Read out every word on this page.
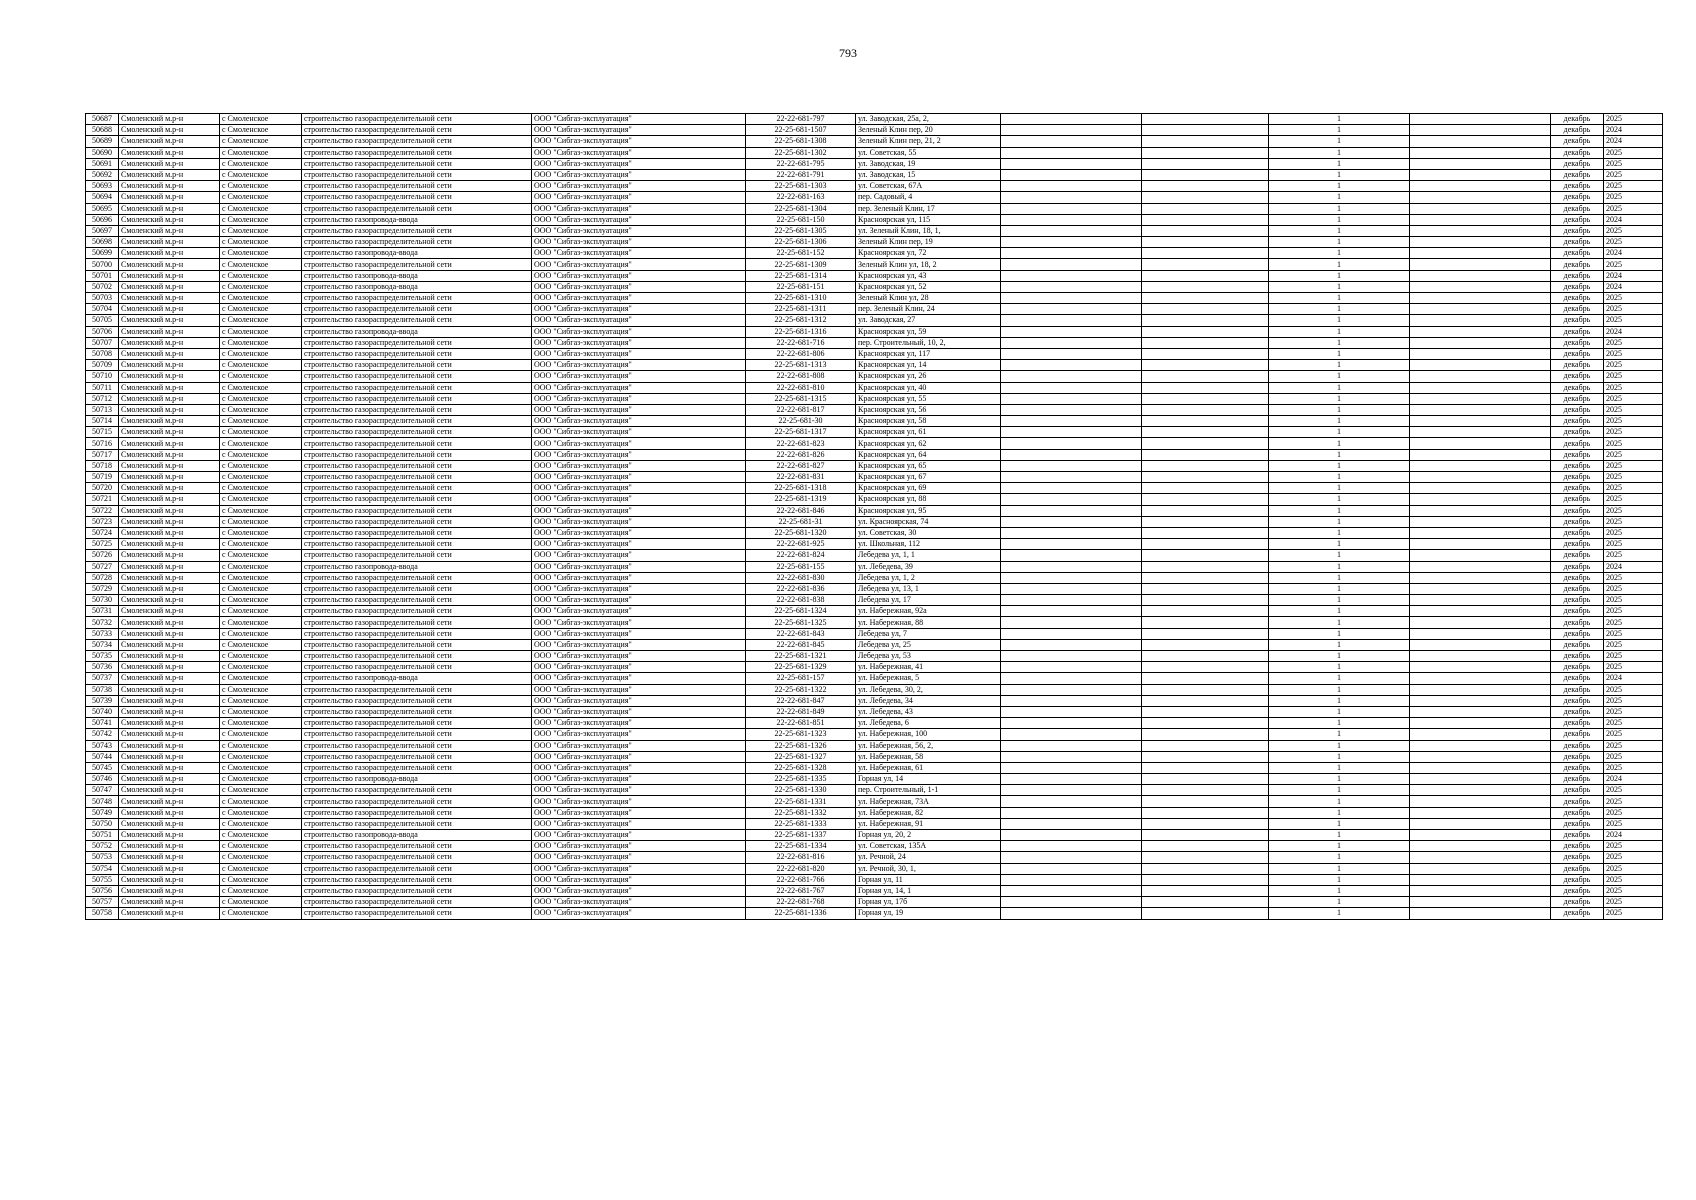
793
50687	Смоленский м.р-н	с Смоленское	строительство газораспределительной сети	ООО "Сибгаз-эксплуатация"	22-22-681-797	ул. Заводская, 25а, 2,			1		декабрь	2025
50688	Смоленский м.р-н	с Смоленское	строительство газораспределительной сети	ООО "Сибгаз-эксплуатация"	22-25-681-1507	Зеленый Клин пер, 20			1		декабрь	2024
50689	Смоленский м.р-н	с Смоленское	строительство газораспределительной сети	ООО "Сибгаз-эксплуатация"	22-25-681-1308	Зеленый Клин пер, 21, 2			1		декабрь	2024
50690	Смоленский м.р-н	с Смоленское	строительство газораспределительной сети	ООО "Сибгаз-эксплуатация"	22-25-681-1302	ул. Советская, 55			1		декабрь	2025
50691	Смоленский м.р-н	с Смоленское	строительство газораспределительной сети	ООО "Сибгаз-эксплуатация"	22-22-681-795	ул. Заводская, 19			1		декабрь	2025
50692	Смоленский м.р-н	с Смоленское	строительство газораспределительной сети	ООО "Сибгаз-эксплуатация"	22-22-681-791	ул. Заводская, 15			1		декабрь	2025
50693	Смоленский м.р-н	с Смоленское	строительство газораспределительной сети	ООО "Сибгаз-эксплуатация"	22-25-681-1303	ул. Советская, 67А			1		декабрь	2025
50694	Смоленский м.р-н	с Смоленское	строительство газораспределительной сети	ООО "Сибгаз-эксплуатация"	22-22-681-163	пер. Садовый, 4			1		декабрь	2025
50695	Смоленский м.р-н	с Смоленское	строительство газораспределительной сети	ООО "Сибгаз-эксплуатация"	22-25-681-1304	пер. Зеленый Клин, 17			1		декабрь	2025
50696	Смоленский м.р-н	с Смоленское	строительство газопровода-ввода	ООО "Сибгаз-эксплуатация"	22-25-681-150	Красноярская ул, 115			1		декабрь	2024
50697	Смоленский м.р-н	с Смоленское	строительство газораспределительной сети	ООО "Сибгаз-эксплуатация"	22-25-681-1305	ул. Зеленый Клин, 18, 1,			1		декабрь	2025
50698	Смоленский м.р-н	с Смоленское	строительство газораспределительной сети	ООО "Сибгаз-эксплуатация"	22-25-681-1306	Зеленый Клин пер, 19			1		декабрь	2025
50699	Смоленский м.р-н	с Смоленское	строительство газопровода-ввода	ООО "Сибгаз-эксплуатация"	22-25-681-152	Красноярская ул, 72			1		декабрь	2024
50700	Смоленский м.р-н	с Смоленское	строительство газораспределительной сети	ООО "Сибгаз-эксплуатация"	22-25-681-1309	Зеленый Клин ул, 18, 2			1		декабрь	2025
50701	Смоленский м.р-н	с Смоленское	строительство газопровода-ввода	ООО "Сибгаз-эксплуатация"	22-25-681-1314	Красноярская ул, 43			1		декабрь	2024
50702	Смоленский м.р-н	с Смоленское	строительство газопровода-ввода	ООО "Сибгаз-эксплуатация"	22-25-681-151	Красноярская ул, 52			1		декабрь	2024
50703	Смоленский м.р-н	с Смоленское	строительство газораспределительной сети	ООО "Сибгаз-эксплуатация"	22-25-681-1310	Зеленый Клин ул, 28			1		декабрь	2025
50704	Смоленский м.р-н	с Смоленское	строительство газораспределительной сети	ООО "Сибгаз-эксплуатация"	22-25-681-1311	пер. Зеленый Клин, 24			1		декабрь	2025
50705	Смоленский м.р-н	с Смоленское	строительство газораспределительной сети	ООО "Сибгаз-эксплуатация"	22-25-681-1312	ул. Заводская, 27			1		декабрь	2025
50706	Смоленский м.р-н	с Смоленское	строительство газопровода-ввода	ООО "Сибгаз-эксплуатация"	22-25-681-1316	Красноярская ул, 59			1		декабрь	2024
50707	Смоленский м.р-н	с Смоленское	строительство газораспределительной сети	ООО "Сибгаз-эксплуатация"	22-22-681-716	пер. Строительный, 10, 2,			1		декабрь	2025
50708	Смоленский м.р-н	с Смоленское	строительство газораспределительной сети	ООО "Сибгаз-эксплуатация"	22-22-681-806	Красноярская ул, 117			1		декабрь	2025
50709	Смоленский м.р-н	с Смоленское	строительство газораспределительной сети	ООО "Сибгаз-эксплуатация"	22-25-681-1313	Красноярская ул, 14			1		декабрь	2025
50710	Смоленский м.р-н	с Смоленское	строительство газораспределительной сети	ООО "Сибгаз-эксплуатация"	22-22-681-808	Красноярская ул, 26			1		декабрь	2025
50711	Смоленский м.р-н	с Смоленское	строительство газораспределительной сети	ООО "Сибгаз-эксплуатация"	22-22-681-810	Красноярская ул, 40			1		декабрь	2025
50712	Смоленский м.р-н	с Смоленское	строительство газораспределительной сети	ООО "Сибгаз-эксплуатация"	22-25-681-1315	Красноярская ул, 55			1		декабрь	2025
50713	Смоленский м.р-н	с Смоленское	строительство газораспределительной сети	ООО "Сибгаз-эксплуатация"	22-22-681-817	Красноярская ул, 56			1		декабрь	2025
50714	Смоленский м.р-н	с Смоленское	строительство газораспределительной сети	ООО "Сибгаз-эксплуатация"	22-25-681-30	Красноярская ул, 58			1		декабрь	2025
50715	Смоленский м.р-н	с Смоленское	строительство газораспределительной сети	ООО "Сибгаз-эксплуатация"	22-25-681-1317	Красноярская ул, 61			1		декабрь	2025
50716	Смоленский м.р-н	с Смоленское	строительство газораспределительной сети	ООО "Сибгаз-эксплуатация"	22-22-681-823	Красноярская ул, 62			1		декабрь	2025
50717	Смоленский м.р-н	с Смоленское	строительство газораспределительной сети	ООО "Сибгаз-эксплуатация"	22-22-681-826	Красноярская ул, 64			1		декабрь	2025
50718	Смоленский м.р-н	с Смоленское	строительство газораспределительной сети	ООО "Сибгаз-эксплуатация"	22-22-681-827	Красноярская ул, 65			1		декабрь	2025
50719	Смоленский м.р-н	с Смоленское	строительство газораспределительной сети	ООО "Сибгаз-эксплуатация"	22-22-681-831	Красноярская ул, 67			1		декабрь	2025
50720	Смоленский м.р-н	с Смоленское	строительство газораспределительной сети	ООО "Сибгаз-эксплуатация"	22-25-681-1318	Красноярская ул, 69			1		декабрь	2025
50721	Смоленский м.р-н	с Смоленское	строительство газораспределительной сети	ООО "Сибгаз-эксплуатация"	22-25-681-1319	Красноярская ул, 88			1		декабрь	2025
50722	Смоленский м.р-н	с Смоленское	строительство газораспределительной сети	ООО "Сибгаз-эксплуатация"	22-22-681-846	Красноярская ул, 95			1		декабрь	2025
50723	Смоленский м.р-н	с Смоленское	строительство газораспределительной сети	ООО "Сибгаз-эксплуатация"	22-25-681-31	ул. Красноярская, 74			1		декабрь	2025
50724	Смоленский м.р-н	с Смоленское	строительство газораспределительной сети	ООО "Сибгаз-эксплуатация"	22-25-681-1320	ул. Советская, 30			1		декабрь	2025
50725	Смоленский м.р-н	с Смоленское	строительство газораспределительной сети	ООО "Сибгаз-эксплуатация"	22-22-681-925	ул. Школьная, 112			1		декабрь	2025
50726	Смоленский м.р-н	с Смоленское	строительство газораспределительной сети	ООО "Сибгаз-эксплуатация"	22-22-681-824	Лебедева ул, 1, 1			1		декабрь	2025
50727	Смоленский м.р-н	с Смоленское	строительство газопровода-ввода	ООО "Сибгаз-эксплуатация"	22-25-681-155	ул. Лебедева, 39			1		декабрь	2024
50728	Смоленский м.р-н	с Смоленское	строительство газораспределительной сети	ООО "Сибгаз-эксплуатация"	22-22-681-830	Лебедева ул, 1, 2			1		декабрь	2025
50729	Смоленский м.р-н	с Смоленское	строительство газораспределительной сети	ООО "Сибгаз-эксплуатация"	22-22-681-836	Лебедева ул, 13, 1			1		декабрь	2025
50730	Смоленский м.р-н	с Смоленское	строительство газораспределительной сети	ООО "Сибгаз-эксплуатация"	22-22-681-838	Лебедева ул, 17			1		декабрь	2025
50731	Смоленский м.р-н	с Смоленское	строительство газораспределительной сети	ООО "Сибгаз-эксплуатация"	22-25-681-1324	ул. Набережная, 92а			1		декабрь	2025
50732	Смоленский м.р-н	с Смоленское	строительство газораспределительной сети	ООО "Сибгаз-эксплуатация"	22-25-681-1325	ул. Набережная, 88			1		декабрь	2025
50733	Смоленский м.р-н	с Смоленское	строительство газораспределительной сети	ООО "Сибгаз-эксплуатация"	22-22-681-843	Лебедева ул, 7			1		декабрь	2025
50734	Смоленский м.р-н	с Смоленское	строительство газораспределительной сети	ООО "Сибгаз-эксплуатация"	22-22-681-845	Лебедева ул, 25			1		декабрь	2025
50735	Смоленский м.р-н	с Смоленское	строительство газораспределительной сети	ООО "Сибгаз-эксплуатация"	22-25-681-1321	Лебедева ул, 53			1		декабрь	2025
50736	Смоленский м.р-н	с Смоленское	строительство газораспределительной сети	ООО "Сибгаз-эксплуатация"	22-25-681-1329	ул. Набережная, 41			1		декабрь	2025
50737	Смоленский м.р-н	с Смоленское	строительство газопровода-ввода	ООО "Сибгаз-эксплуатация"	22-25-681-157	ул. Набережная, 5			1		декабрь	2024
50738	Смоленский м.р-н	с Смоленское	строительство газораспределительной сети	ООО "Сибгаз-эксплуатация"	22-25-681-1322	ул. Лебедева, 30, 2,			1		декабрь	2025
50739	Смоленский м.р-н	с Смоленское	строительство газораспределительной сети	ООО "Сибгаз-эксплуатация"	22-22-681-847	ул. Лебедева, 34			1		декабрь	2025
50740	Смоленский м.р-н	с Смоленское	строительство газораспределительной сети	ООО "Сибгаз-эксплуатация"	22-22-681-849	ул. Лебедева, 43			1		декабрь	2025
50741	Смоленский м.р-н	с Смоленское	строительство газораспределительной сети	ООО "Сибгаз-эксплуатация"	22-22-681-851	ул. Лебедева, 6			1		декабрь	2025
50742	Смоленский м.р-н	с Смоленское	строительство газораспределительной сети	ООО "Сибгаз-эксплуатация"	22-25-681-1323	ул. Набережная, 100			1		декабрь	2025
50743	Смоленский м.р-н	с Смоленское	строительство газораспределительной сети	ООО "Сибгаз-эксплуатация"	22-25-681-1326	ул. Набережная, 56, 2,			1		декабрь	2025
50744	Смоленский м.р-н	с Смоленское	строительство газораспределительной сети	ООО "Сибгаз-эксплуатация"	22-25-681-1327	ул. Набережная, 58			1		декабрь	2025
50745	Смоленский м.р-н	с Смоленское	строительство газораспределительной сети	ООО "Сибгаз-эксплуатация"	22-25-681-1328	ул. Набережная, 61			1		декабрь	2025
50746	Смоленский м.р-н	с Смоленское	строительство газопровода-ввода	ООО "Сибгаз-эксплуатация"	22-25-681-1335	Горная ул, 14			1		декабрь	2024
50747	Смоленский м.р-н	с Смоленское	строительство газораспределительной сети	ООО "Сибгаз-эксплуатация"	22-25-681-1330	пер. Строительный, 1-1			1		декабрь	2025
50748	Смоленский м.р-н	с Смоленское	строительство газораспределительной сети	ООО "Сибгаз-эксплуатация"	22-25-681-1331	ул. Набережная, 73А			1		декабрь	2025
50749	Смоленский м.р-н	с Смоленское	строительство газораспределительной сети	ООО "Сибгаз-эксплуатация"	22-25-681-1332	ул. Набережная, 82			1		декабрь	2025
50750	Смоленский м.р-н	с Смоленское	строительство газораспределительной сети	ООО "Сибгаз-эксплуатация"	22-25-681-1333	ул. Набережная, 91			1		декабрь	2025
50751	Смоленский м.р-н	с Смоленское	строительство газопровода-ввода	ООО "Сибгаз-эксплуатация"	22-25-681-1337	Горная ул, 20, 2			1		декабрь	2024
50752	Смоленский м.р-н	с Смоленское	строительство газораспределительной сети	ООО "Сибгаз-эксплуатация"	22-25-681-1334	ул. Советская, 135А			1		декабрь	2025
50753	Смоленский м.р-н	с Смоленское	строительство газораспределительной сети	ООО "Сибгаз-эксплуатация"	22-22-681-816	ул. Речной, 24			1		декабрь	2025
50754	Смоленский м.р-н	с Смоленское	строительство газораспределительной сети	ООО "Сибгаз-эксплуатация"	22-22-681-820	ул. Речной, 30, 1,			1		декабрь	2025
50755	Смоленский м.р-н	с Смоленское	строительство газораспределительной сети	ООО "Сибгаз-эксплуатация"	22-22-681-766	Горная ул, 11			1		декабрь	2025
50756	Смоленский м.р-н	с Смоленское	строительство газораспределительной сети	ООО "Сибгаз-эксплуатация"	22-22-681-767	Горная ул, 14, 1			1		декабрь	2025
50757	Смоленский м.р-н	с Смоленское	строительство газораспределительной сети	ООО "Сибгаз-эксплуатация"	22-22-681-768	Горная ул, 17б			1		декабрь	2025
50758	Смоленский м.р-н	с Смоленское	строительство газораспределительной сети	ООО "Сибгаз-эксплуатация"	22-25-681-1336	Горная ул, 19			1		декабрь	2025
